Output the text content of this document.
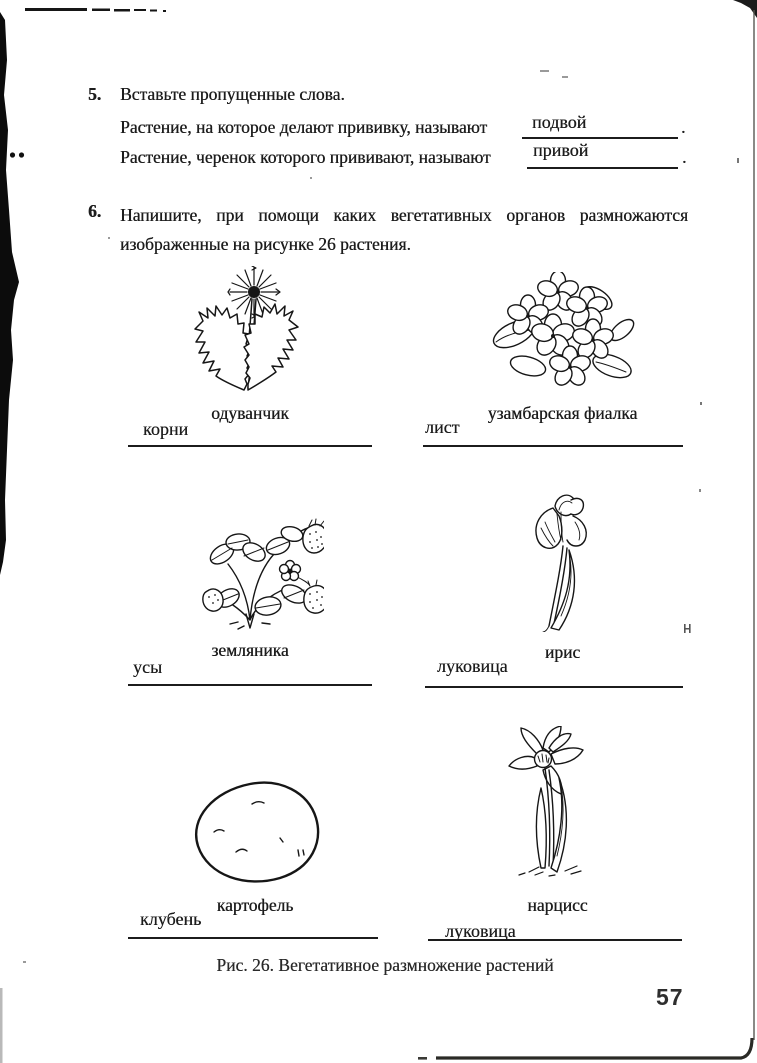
5. Вставьте пропущенные слова.
Растение, на которое делают прививку, называют подвой	.
Растение, черенок которого прививают, называют привой	.
6. Напишите, при помощи каких вегетативных органов размножаются изображенные на рисунке 26 растения.
одуванчик
корни
узамбарская фиалка
лист
земляника
усы
ирис
луковица
картофель
клубень
нарцисс
луковица
Рис. 26. Вегетативное размножение растений
57
